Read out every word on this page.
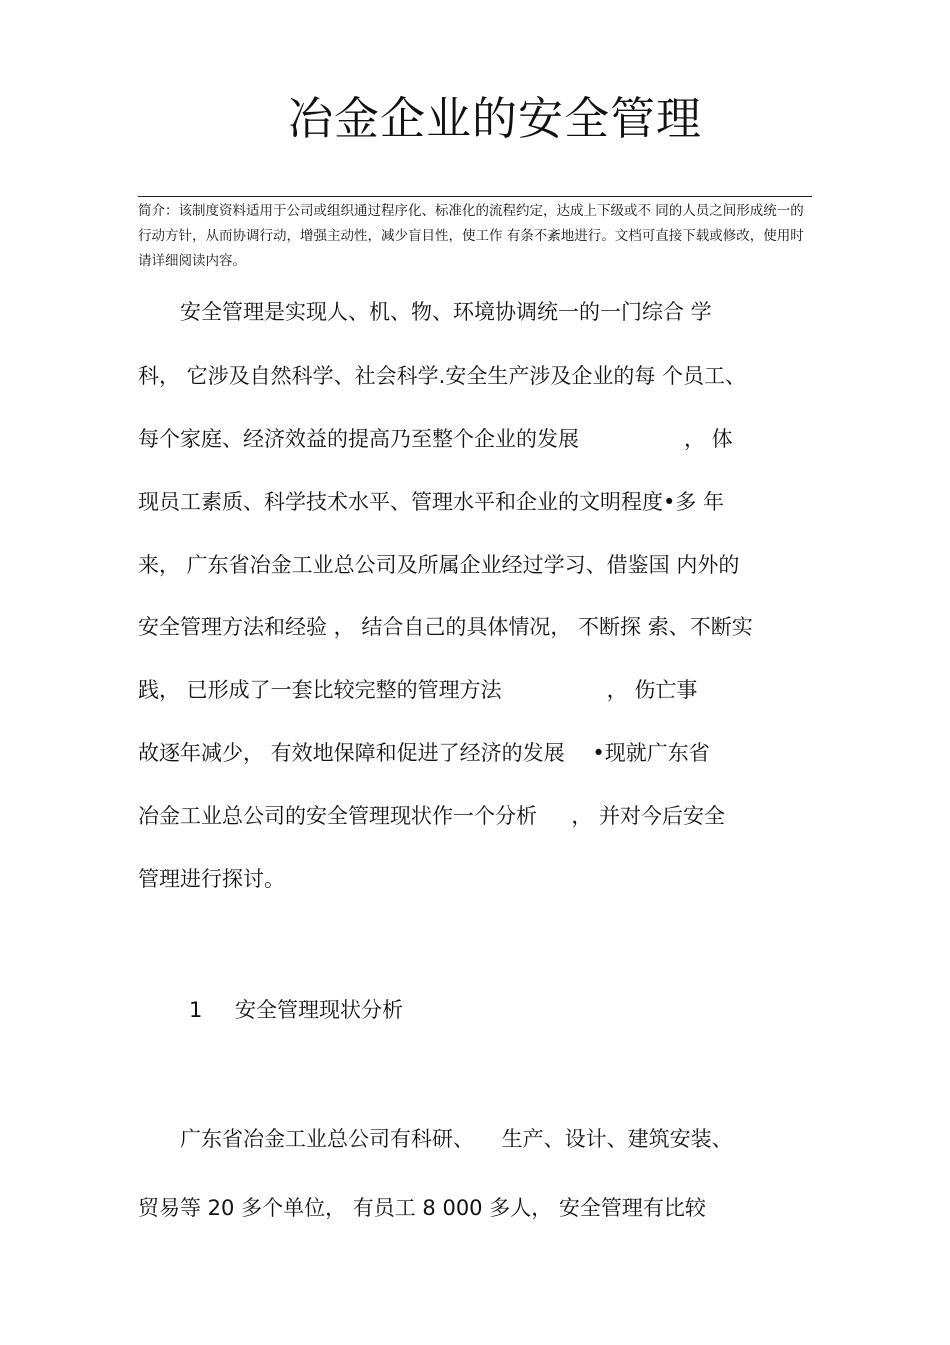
冶金企业的安全管理

简介：该制度资料适用于公司或组织通过程序化、标准化的流程约定，达成上下级或不 同的人员之间形成统一的行动方针，从而协调行动，增强主动性，减少盲目性，使工作 有条不紊地进行。文档可直接下载或修改，使用时请详细阅读内容。

　　安全管理是实现人、机、物、环境协调统一的一门综合 学

科， 它涉及自然科学、社会科学.安全生产涉及企业的每 个员工、

每个家庭、经济效益的提高乃至整个企业的发展　　　　　， 体

现员工素质、科学技术水平、管理水平和企业的文明程度•多 年

来， 广东省冶金工业总公司及所属企业经过学习、借鉴国 内外的

安全管理方法和经验 ， 结合自己的具体情况， 不断探 索、不断实

践， 已形成了一套比较完整的管理方法　　　　　， 伤亡事

故逐年减少， 有效地保障和促进了经济的发展 　•现就广东省

冶金工业总公司的安全管理现状作一个分析 　 ， 并对今后安全

管理进行探讨。

1 安全管理现状分析

　　广东省冶金工业总公司有科研、 　生产、设计、建筑安装、

贸易等 20 多个单位， 有员工 8 000 多人， 安全管理有比较
